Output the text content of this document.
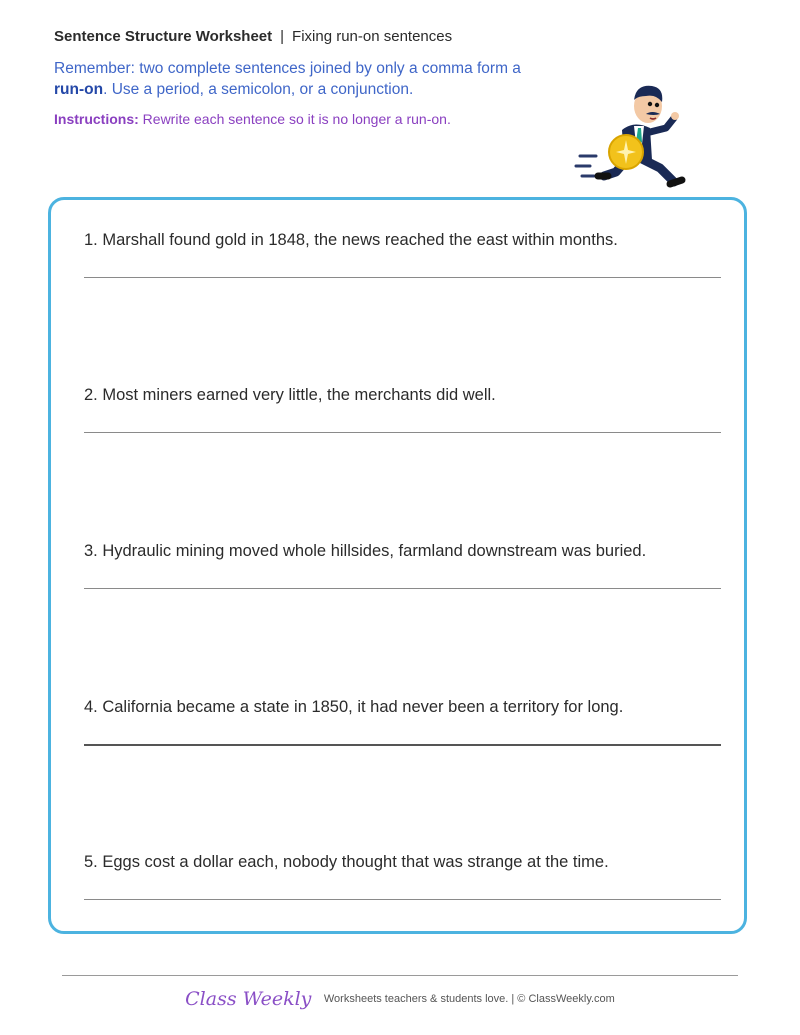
Sentence Structure Worksheet | Fixing run-on sentences
Remember: two complete sentences joined by only a comma form a
run-on. Use a period, a semicolon, or a conjunction.
Instructions: Rewrite each sentence so it is no longer a run-on.
1. Marshall found gold in 1848, the news reached the east within months.
2. Most miners earned very little, the merchants did well.
3. Hydraulic mining moved whole hillsides, farmland downstream was buried.
4. California became a state in 1850, it had never been a territory for long.
5. Eggs cost a dollar each, nobody thought that was strange at the time.
Class Weekly Worksheets teachers & students love. | © ClassWeekly.com
